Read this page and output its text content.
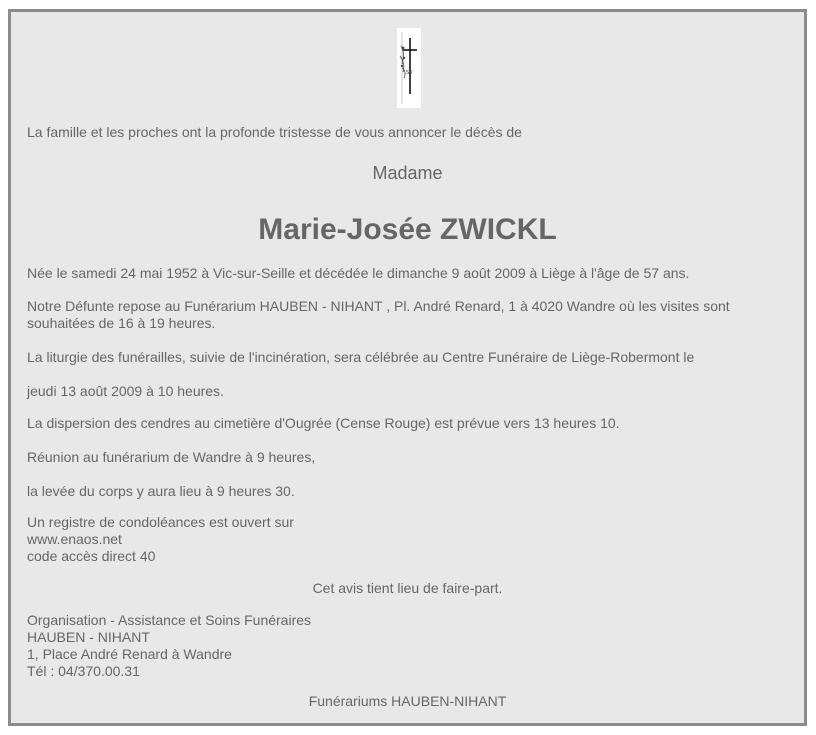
SV
La famille et les proches ont la profonde tristesse de vous annoncer le décès de
Madame
Marie-Josée ZWICKL
Née le samedi 24 mai 1952 à Vic-sur-Seille et décédée le dimanche 9 août 2009 à Liège à l'âge de 57 ans.
Notre Défunte repose au Funérarium HAUBEN - NIHANT , Pl. André Renard, 1 à 4020 Wandre où les visites sont
souhaitées de 16 à 19 heures.
La liturgie des funérailles, suivie de l'incinération, sera célébrée au Centre Funéraire de Liège-Robermont le
jeudi 13 août 2009 à 10 heures.
La dispersion des cendres au cimetière d'Ougrée (Cense Rouge) est prévue vers 13 heures 10.
Réunion au funérarium de Wandre à 9 heures,
la levée du corps y aura lieu à 9 heures 30.
Un registre de condoléances est ouvert sur
www.enaos.net
code accès direct 40
Cet avis tient lieu de faire-part.
Organisation - Assistance et Soins Funéraires
HAUBEN - NIHANT
1, Place André Renard à Wandre
Tél : 04/370.00.31
Funérariums HAUBEN-NIHANT
